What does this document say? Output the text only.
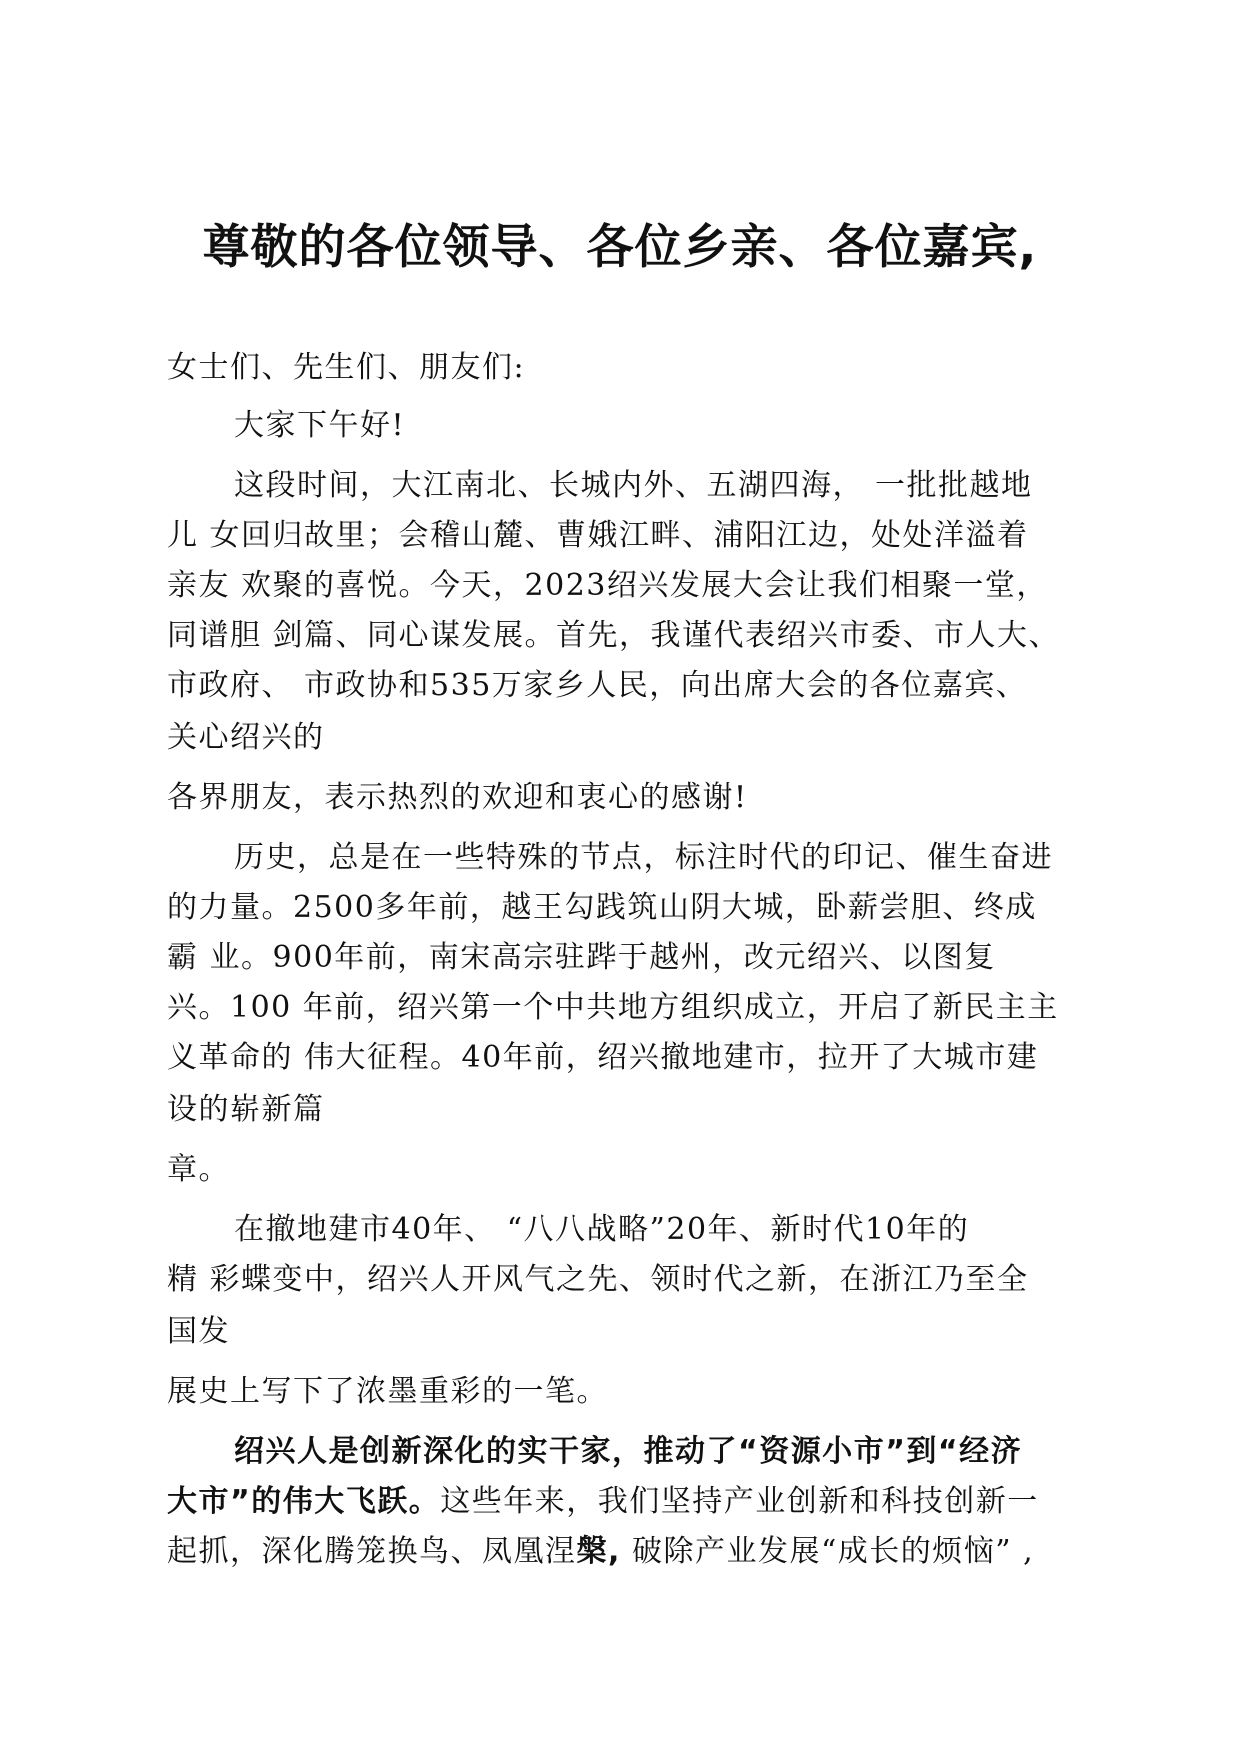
尊敬的各位领导、各位乡亲、各位嘉宾,
女士们、先生们、朋友们:
大家下午好!
这段时间，大江南北、长城内外、五湖四海， 一批批越地
儿 女回归故里；会稽山麓、曹娥江畔、浦阳江边，处处洋溢着
亲友 欢聚的喜悦。今天，2023绍兴发展大会让我们相聚一堂，
同谱胆 剑篇、同心谋发展。首先，我谨代表绍兴市委、市人大、
市政府、 市政协和535万家乡人民，向出席大会的各位嘉宾、
关心绍兴的
各界朋友，表示热烈的欢迎和衷心的感谢!
历史，总是在一些特殊的节点，标注时代的印记、催生奋进
的力量。2500多年前，越王勾践筑山阴大城，卧薪尝胆、终成
霸 业。900年前，南宋高宗驻跸于越州，改元绍兴、以图复
兴。100 年前，绍兴第一个中共地方组织成立，开启了新民主主
义革命的 伟大征程。40年前，绍兴撤地建市，拉开了大城市建
设的崭新篇
章。
在撤地建市40年、 “八八战略”20年、新时代10年的
精 彩蝶变中，绍兴人开风气之先、领时代之新，在浙江乃至全
国发
展史上写下了浓墨重彩的一笔。
绍兴人是创新深化的实干家，推动了“资源小市”到“经济
大市”的伟大飞跃。这些年来，我们坚持产业创新和科技创新一
起抓，深化腾笼换鸟、凤凰涅槃, 破除产业发展“成长的烦恼” ,
